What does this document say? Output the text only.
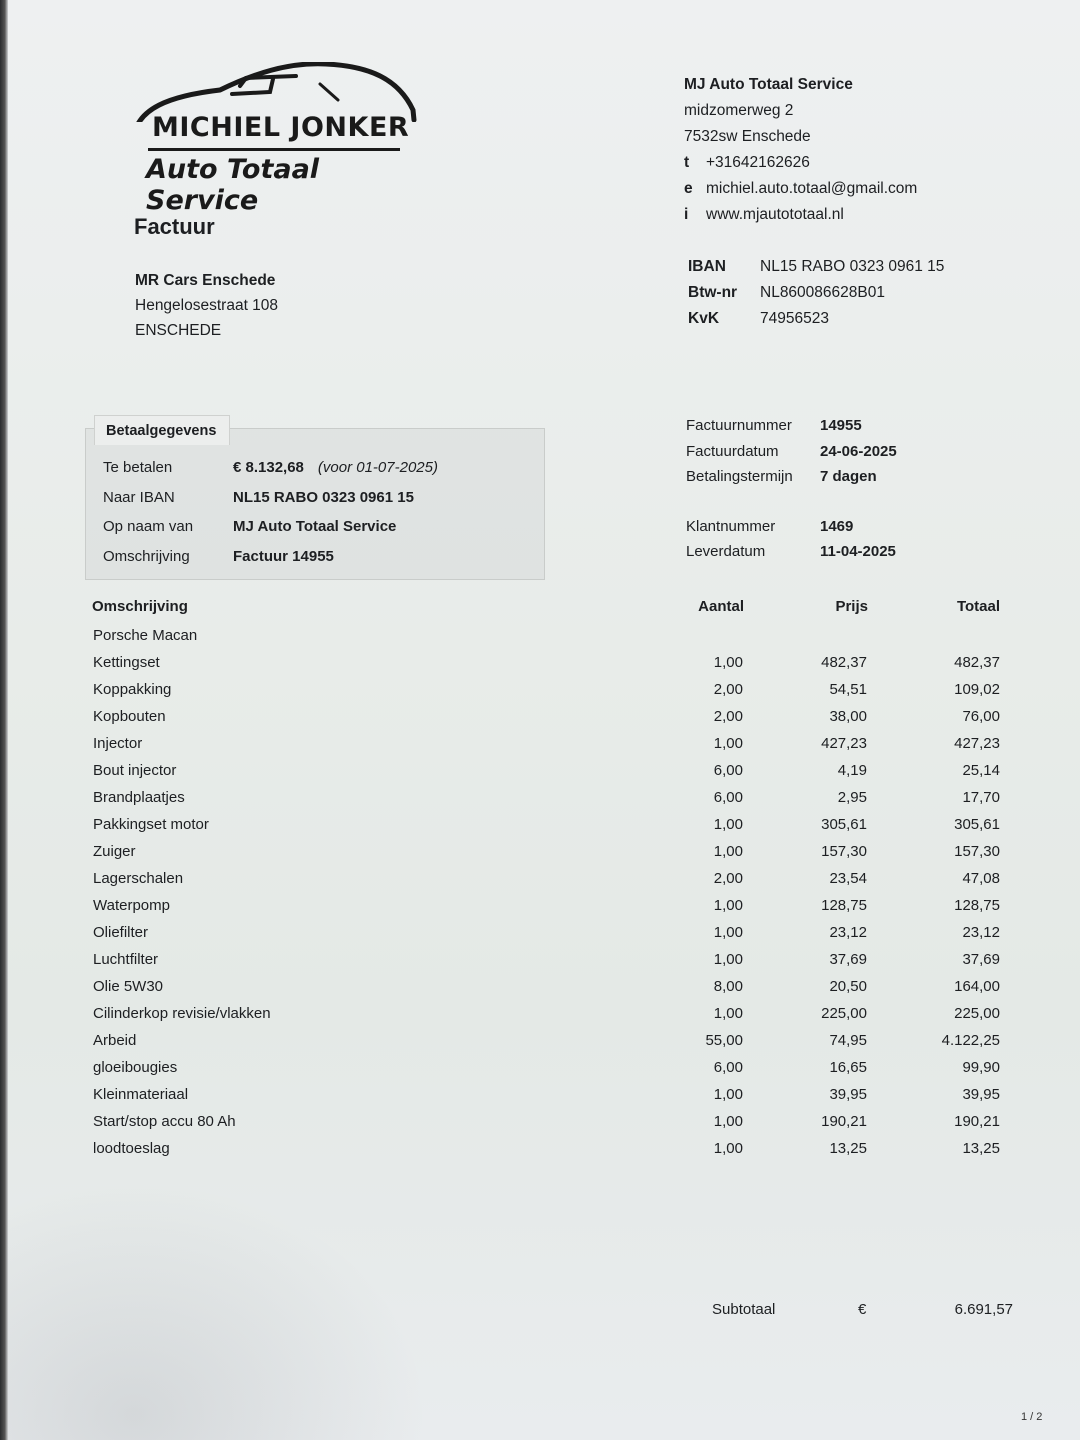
MICHIEL JONKER
Auto Totaal Service
Factuur
MR Cars Enschede
Hengelosestraat 108
ENSCHEDE
MJ Auto Totaal Service
midzomerweg 2
7532sw Enschede
t +31642162626
e michiel.auto.totaal@gmail.com
i www.mjautototaal.nl
IBAN NL15 RABO 0323 0961 15
Btw-nr NL860086628B01
KvK	74956523
Betaalgegevens
Te betalen	€ 8.132,68 (voor 01-07-2025)
Naar IBAN	NL15 RABO 0323 0961 15
Op naam van	MJ Auto Totaal Service
Omschrijving	Factuur 14955
Factuurnummer 14955
Factuurdatum	24-06-2025
Betalingstermijn 7 dagen
Klantnummer	1469
Leverdatum	11-04-2025
Omschrijving	Aantal	Prijs	Totaal
Porsche Macan
Kettingset	1,00	482,37	482,37
Koppakking	2,00	54,51	109,02
Kopbouten	2,00	38,00	76,00
Injector	1,00	427,23	427,23
Bout injector	6,00	4,19	25,14
Brandplaatjes	6,00	2,95	17,70
Pakkingset motor	1,00	305,61	305,61
Zuiger	1,00	157,30	157,30
Lagerschalen	2,00	23,54	47,08
Waterpomp	1,00	128,75	128,75
Oliefilter	1,00	23,12	23,12
Luchtfilter	1,00	37,69	37,69
Olie 5W30	8,00	20,50	164,00
Cilinderkop revisie/vlakken	1,00	225,00	225,00
Arbeid	55,00	74,95	4.122,25
gloeibougies	6,00	16,65	99,90
Kleinmateriaal	1,00	39,95	39,95
Start/stop accu 80 Ah	1,00	190,21	190,21
loodtoeslag	1,00	13,25	13,25
Subtotaal	€	6.691,57
1 / 2
